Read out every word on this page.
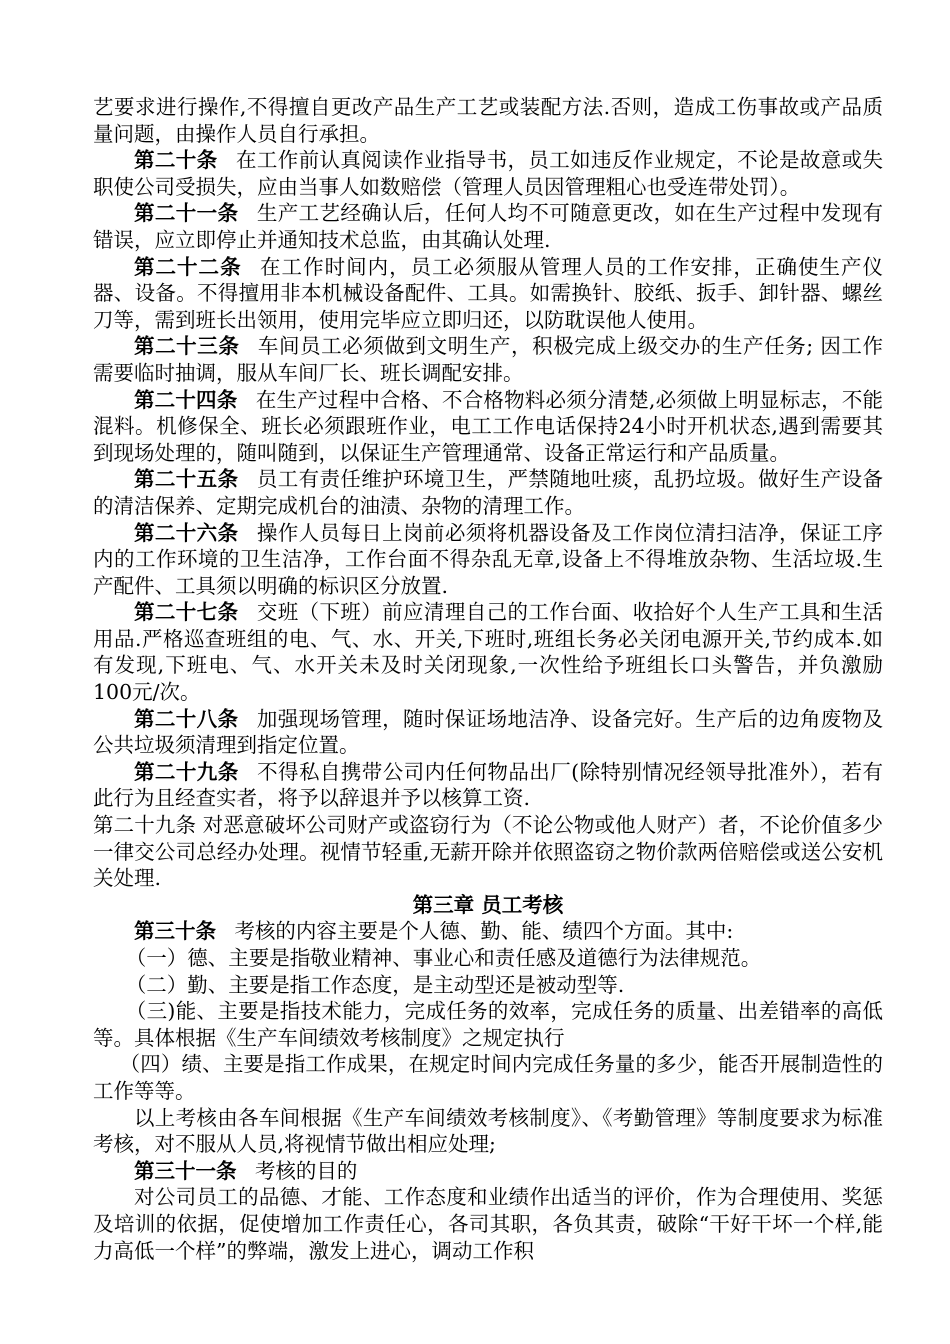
艺要求进行操作,不得擅自更改产品生产工艺或装配方法.否则，造成工伤事故或产品质量问题，由操作人员自行承担。

第二十条 在工作前认真阅读作业指导书，员工如违反作业规定，不论是故意或失职使公司受损失，应由当事人如数赔偿（管理人员因管理粗心也受连带处罚）。

第二十一条 生产工艺经确认后，任何人均不可随意更改，如在生产过程中发现有错误，应立即停止并通知技术总监，由其确认处理.

第二十二条 在工作时间内，员工必须服从管理人员的工作安排，正确使生产仪器、设备。不得擅用非本机械设备配件、工具。如需换针、胶纸、扳手、卸针器、螺丝刀等，需到班长出领用，使用完毕应立即归还，以防耽误他人使用。

第二十三条 车间员工必须做到文明生产，积极完成上级交办的生产任务; 因工作需要临时抽调，服从车间厂长、班长调配安排。

第二十四条 在生产过程中合格、不合格物料必须分清楚,必须做上明显标志，不能混料。机修保全、班长必须跟班作业，电工工作电话保持24小时开机状态,遇到需要其到现场处理的，随叫随到，以保证生产管理通常、设备正常运行和产品质量。

第二十五条 员工有责任维护环境卫生，严禁随地吐痰，乱扔垃圾。做好生产设备的清洁保养、定期完成机台的油渍、杂物的清理工作。

第二十六条 操作人员每日上岗前必须将机器设备及工作岗位清扫洁净，保证工序内的工作环境的卫生洁净，工作台面不得杂乱无章,设备上不得堆放杂物、生活垃圾.生产配件、工具须以明确的标识区分放置.

第二十七条 交班（下班）前应清理自己的工作台面、收拾好个人生产工具和生活用品.严格巡查班组的电、气、水、开关,下班时,班组长务必关闭电源开关,节约成本.如有发现,下班电、气、水开关未及时关闭现象,一次性给予班组长口头警告，并负激励100元/次。

第二十八条 加强现场管理，随时保证场地洁净、设备完好。生产后的边角废物及公共垃圾须清理到指定位置。

第二十九条 不得私自携带公司内任何物品出厂(除特别情况经领导批准外），若有此行为且经查实者，将予以辞退并予以核算工资.

第二十九条 对恶意破坏公司财产或盗窃行为（不论公物或他人财产）者，不论价值多少一律交公司总经办处理。视情节轻重,无薪开除并依照盗窃之物价款两倍赔偿或送公安机关处理.

第三章 员工考核

第三十条 考核的内容主要是个人德、勤、能、绩四个方面。其中:

（一）德、主要是指敬业精神、事业心和责任感及道德行为法律规范。

（二）勤、主要是指工作态度，是主动型还是被动型等.

（三)能、主要是指技术能力，完成任务的效率，完成任务的质量、出差错率的高低等。具体根据《生产车间绩效考核制度》之规定执行

（四）绩、主要是指工作成果，在规定时间内完成任务量的多少，能否开展制造性的工作等等。

以上考核由各车间根据《生产车间绩效考核制度》、《考勤管理》等制度要求为标准考核，对不服从人员,将视情节做出相应处理;

第三十一条 考核的目的

对公司员工的品德、才能、工作态度和业绩作出适当的评价，作为合理使用、奖惩及培训的依据，促使增加工作责任心，各司其职，各负其责，破除“干好干坏一个样,能力高低一个样”的弊端，激发上进心，调动工作积
